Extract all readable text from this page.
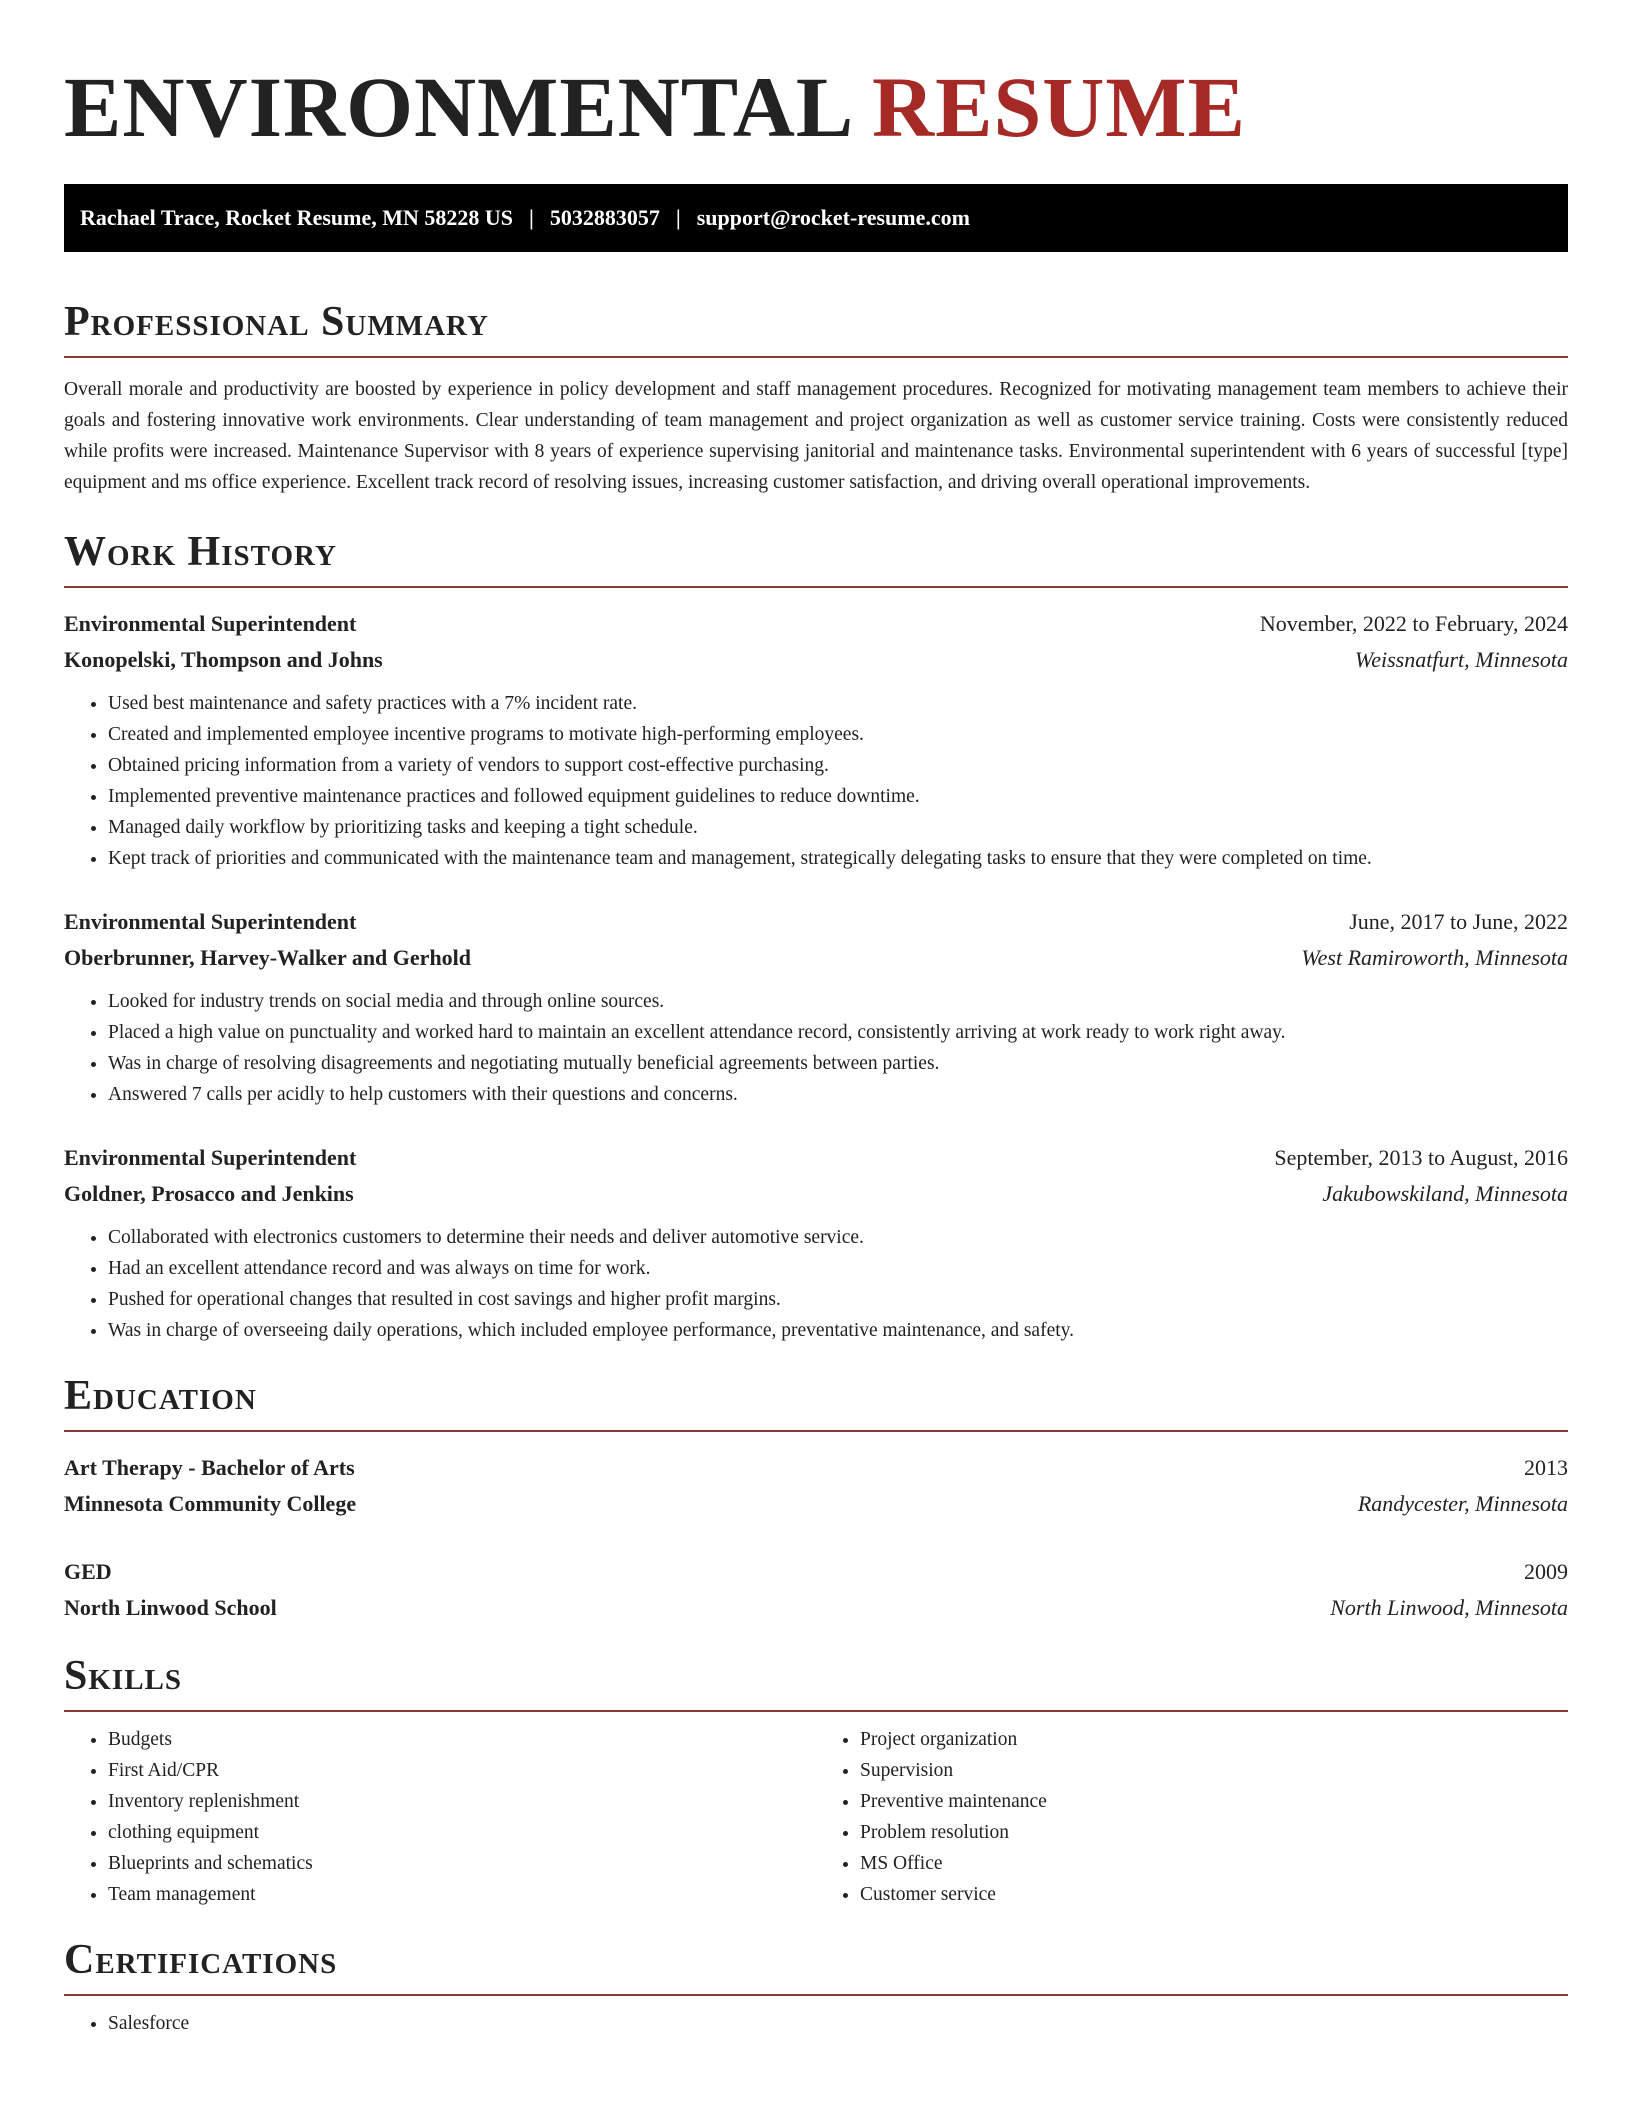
ENVIRONMENTAL RESUME
Rachael Trace, Rocket Resume, MN 58228 US | 5032883057 | support@rocket-resume.com
Professional Summary
Overall morale and productivity are boosted by experience in policy development and staff management procedures. Recognized for motivating management team members to achieve their goals and fostering innovative work environments. Clear understanding of team management and project organization as well as customer service training. Costs were consistently reduced while profits were increased. Maintenance Supervisor with 8 years of experience supervising janitorial and maintenance tasks. Environmental superintendent with 6 years of successful [type] equipment and ms office experience. Excellent track record of resolving issues, increasing customer satisfaction, and driving overall operational improvements.
Work History
Environmental Superintendent	November, 2022 to February, 2024
Konopelski, Thompson and Johns	Weissnatfurt, Minnesota
• Used best maintenance and safety practices with a 7% incident rate.
• Created and implemented employee incentive programs to motivate high-performing employees.
• Obtained pricing information from a variety of vendors to support cost-effective purchasing.
• Implemented preventive maintenance practices and followed equipment guidelines to reduce downtime.
• Managed daily workflow by prioritizing tasks and keeping a tight schedule.
• Kept track of priorities and communicated with the maintenance team and management, strategically delegating tasks to ensure that they were completed on time.
Environmental Superintendent	June, 2017 to June, 2022
Oberbrunner, Harvey-Walker and Gerhold	West Ramiroworth, Minnesota
• Looked for industry trends on social media and through online sources.
• Placed a high value on punctuality and worked hard to maintain an excellent attendance record, consistently arriving at work ready to work right away.
• Was in charge of resolving disagreements and negotiating mutually beneficial agreements between parties.
• Answered 7 calls per acidly to help customers with their questions and concerns.
Environmental Superintendent	September, 2013 to August, 2016
Goldner, Prosacco and Jenkins	Jakubowskiland, Minnesota
• Collaborated with electronics customers to determine their needs and deliver automotive service.
• Had an excellent attendance record and was always on time for work.
• Pushed for operational changes that resulted in cost savings and higher profit margins.
• Was in charge of overseeing daily operations, which included employee performance, preventative maintenance, and safety.
Education
Art Therapy - Bachelor of Arts	2013
Minnesota Community College	Randycester, Minnesota
GED	2009
North Linwood School	North Linwood, Minnesota
Skills
• Budgets
• First Aid/CPR
• Inventory replenishment
• clothing equipment
• Blueprints and schematics
• Team management
• Project organization
• Supervision
• Preventive maintenance
• Problem resolution
• MS Office
• Customer service
Certifications
• Salesforce
